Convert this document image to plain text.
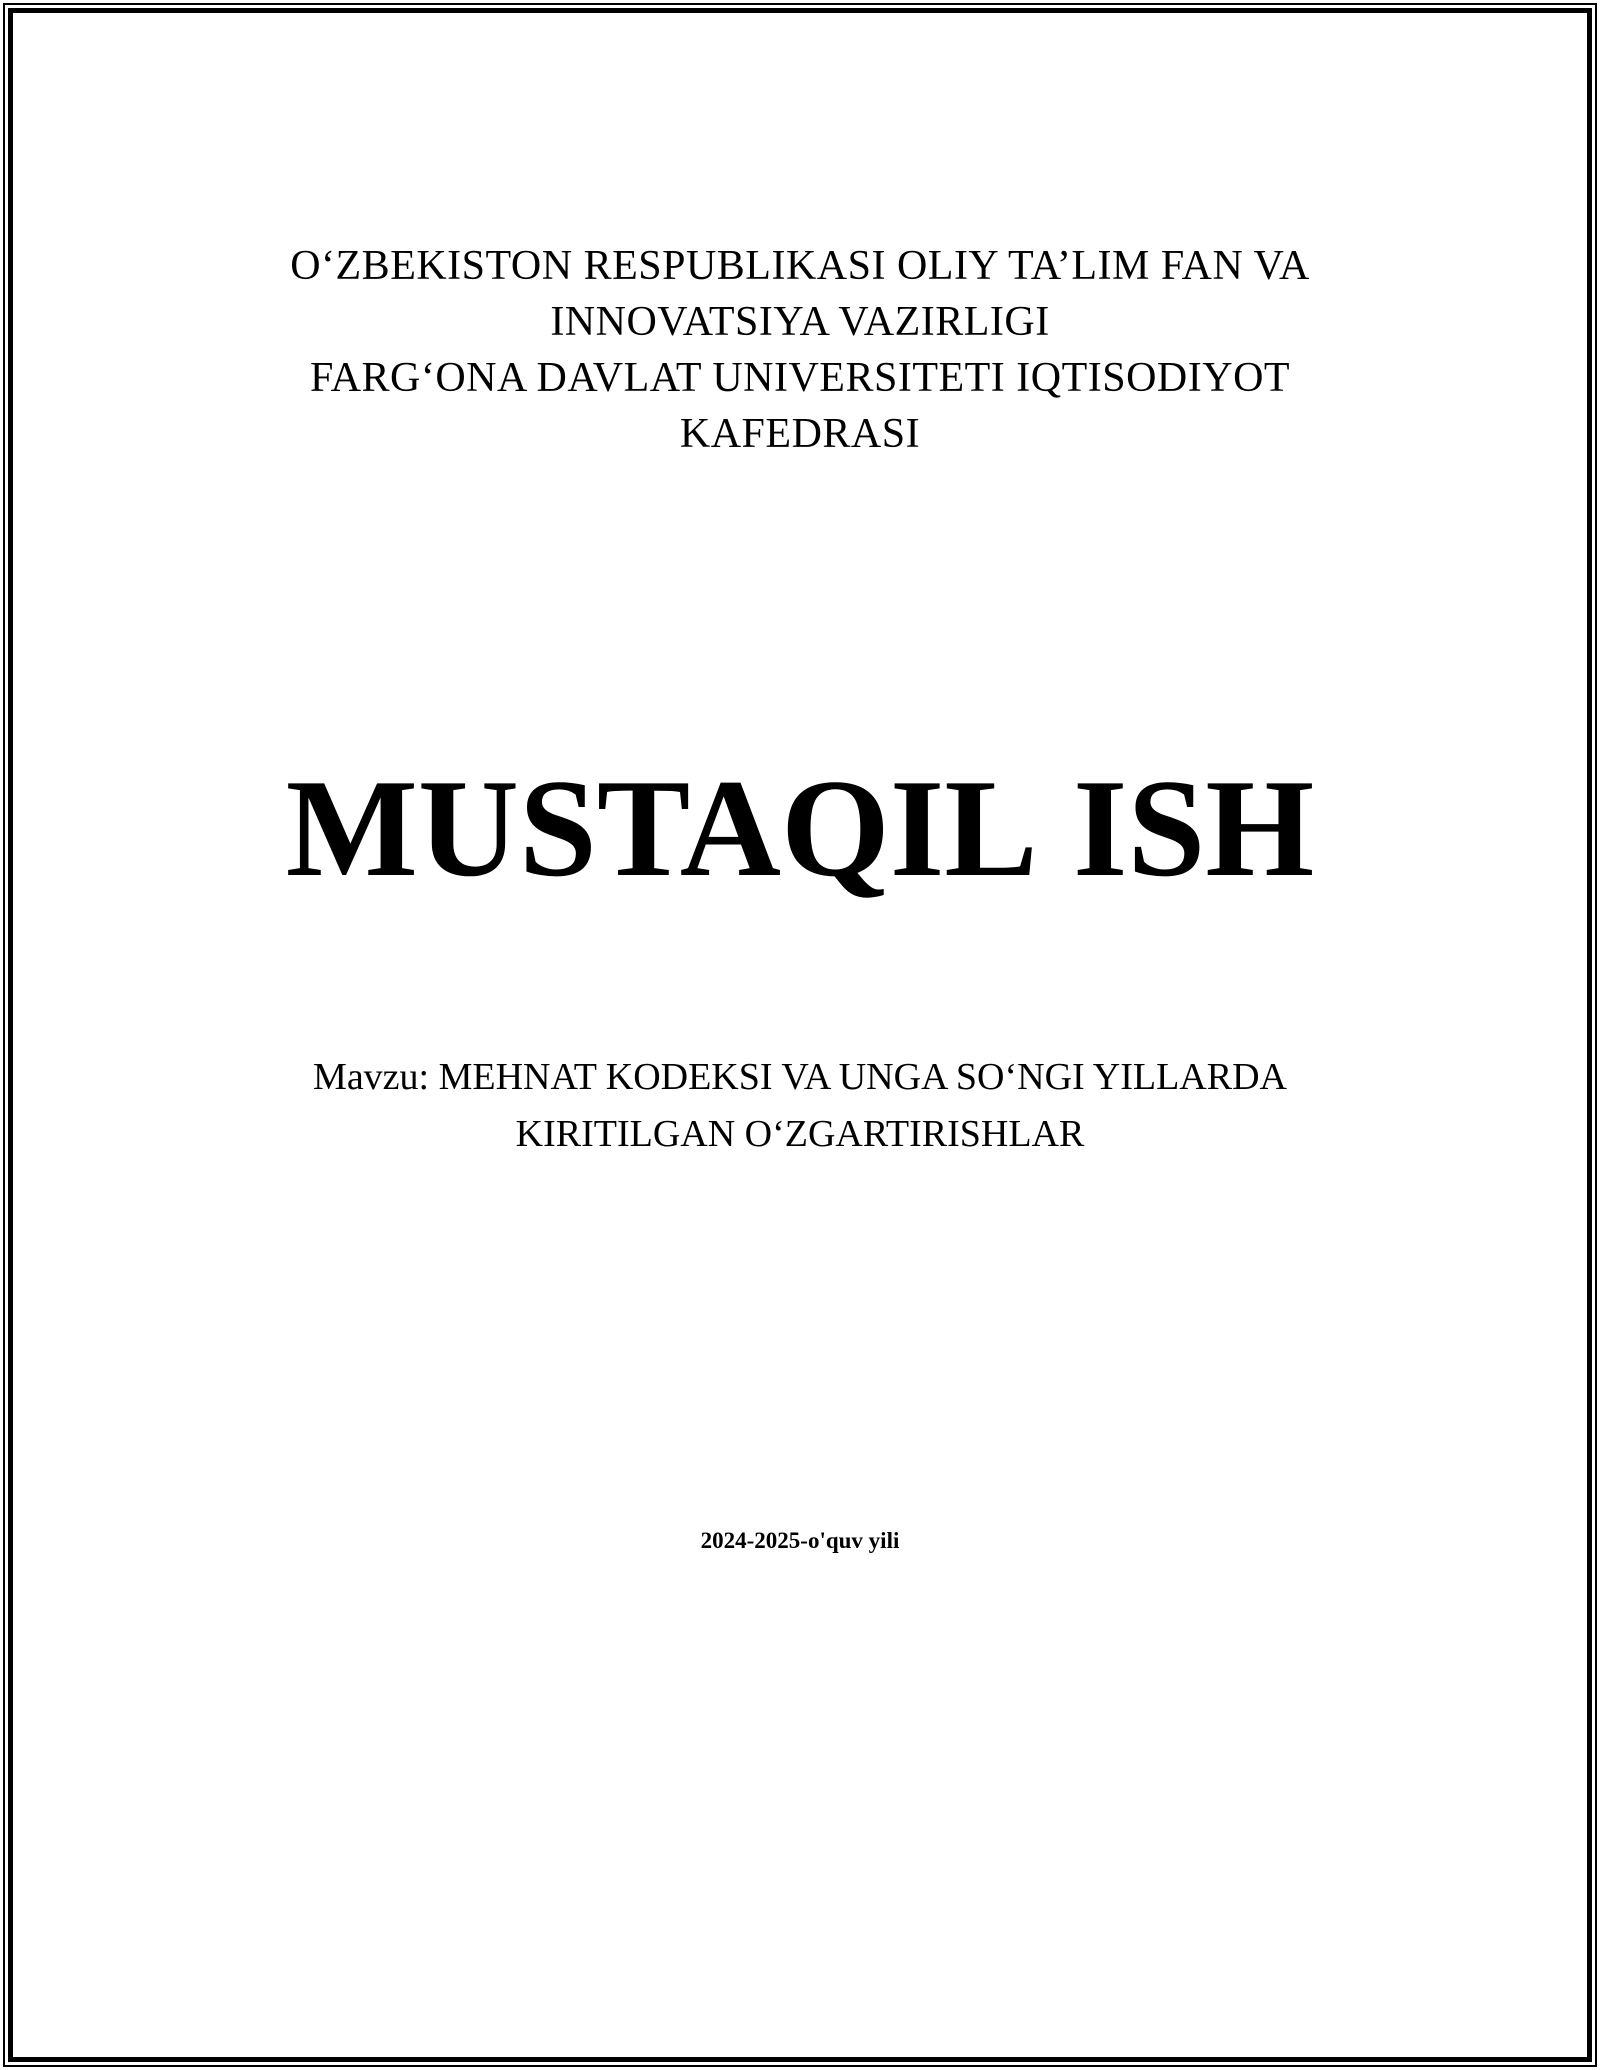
O‘ZBEKISTON RESPUBLIKASI OLIY TA’LIM FAN VA
INNOVATSIYA VAZIRLIGI
FARG‘ONA DAVLAT UNIVERSITETI IQTISODIYOT
KAFEDRASI
MUSTAQIL ISH
Mavzu: MEHNAT KODEKSI VA UNGA SO‘NGI YILLARDA
KIRITILGAN O‘ZGARTIRISHLAR
2024-2025-o'quv yili
